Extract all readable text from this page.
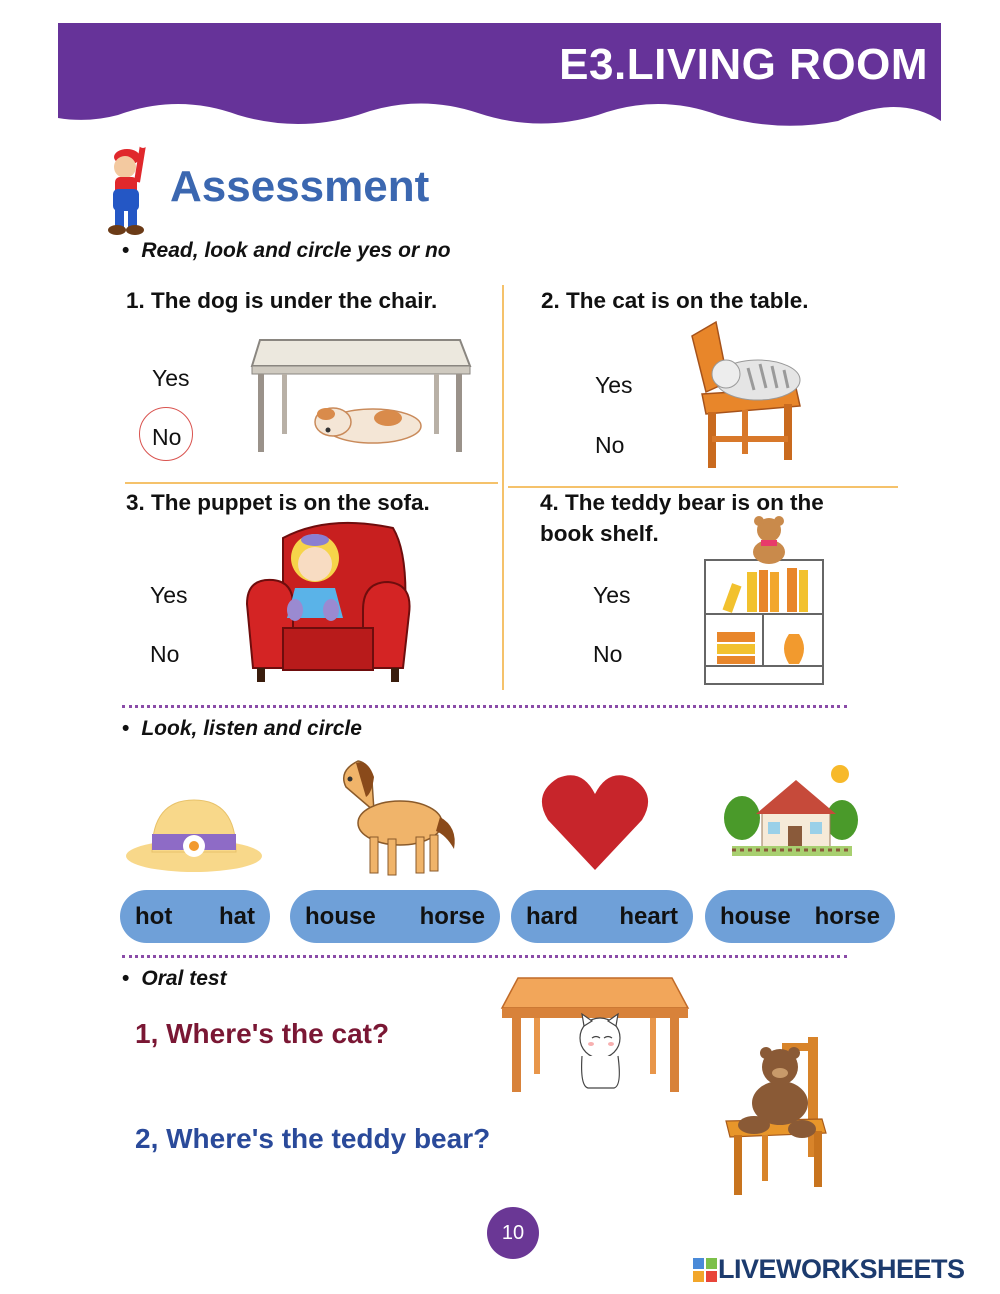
E3.LIVING ROOM
Assessment
• Read, look and circle yes or no
1. The dog is under the chair.
Yes
No
2. The cat is on the table.
Yes
No
3. The puppet is on the sofa.
Yes
No
4. The teddy bear is on the
book shelf.
Yes
No
• Look, listen and circle
hot hat house horse hard heart house horse
• Oral test
1, Where's the cat?
2, Where's the teddy bear?
10
LIVEWORKSHEETS
